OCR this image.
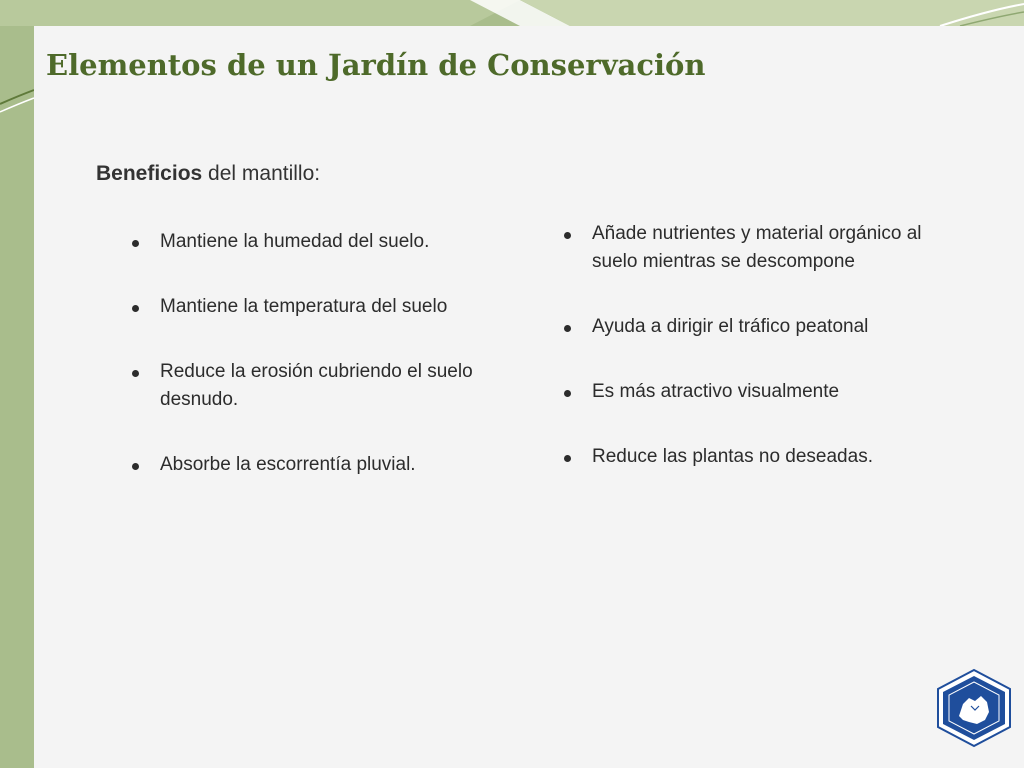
Elementos de un Jardín de Conservación
Beneficios del mantillo:
Mantiene la humedad del suelo.
Mantiene la temperatura del suelo
Reduce la erosión cubriendo el suelo desnudo.
Absorbe la escorrentía pluvial.
Añade nutrientes y material orgánico al suelo mientras se descompone
Ayuda a dirigir el tráfico peatonal
Es más atractivo visualmente
Reduce las plantas no deseadas.
